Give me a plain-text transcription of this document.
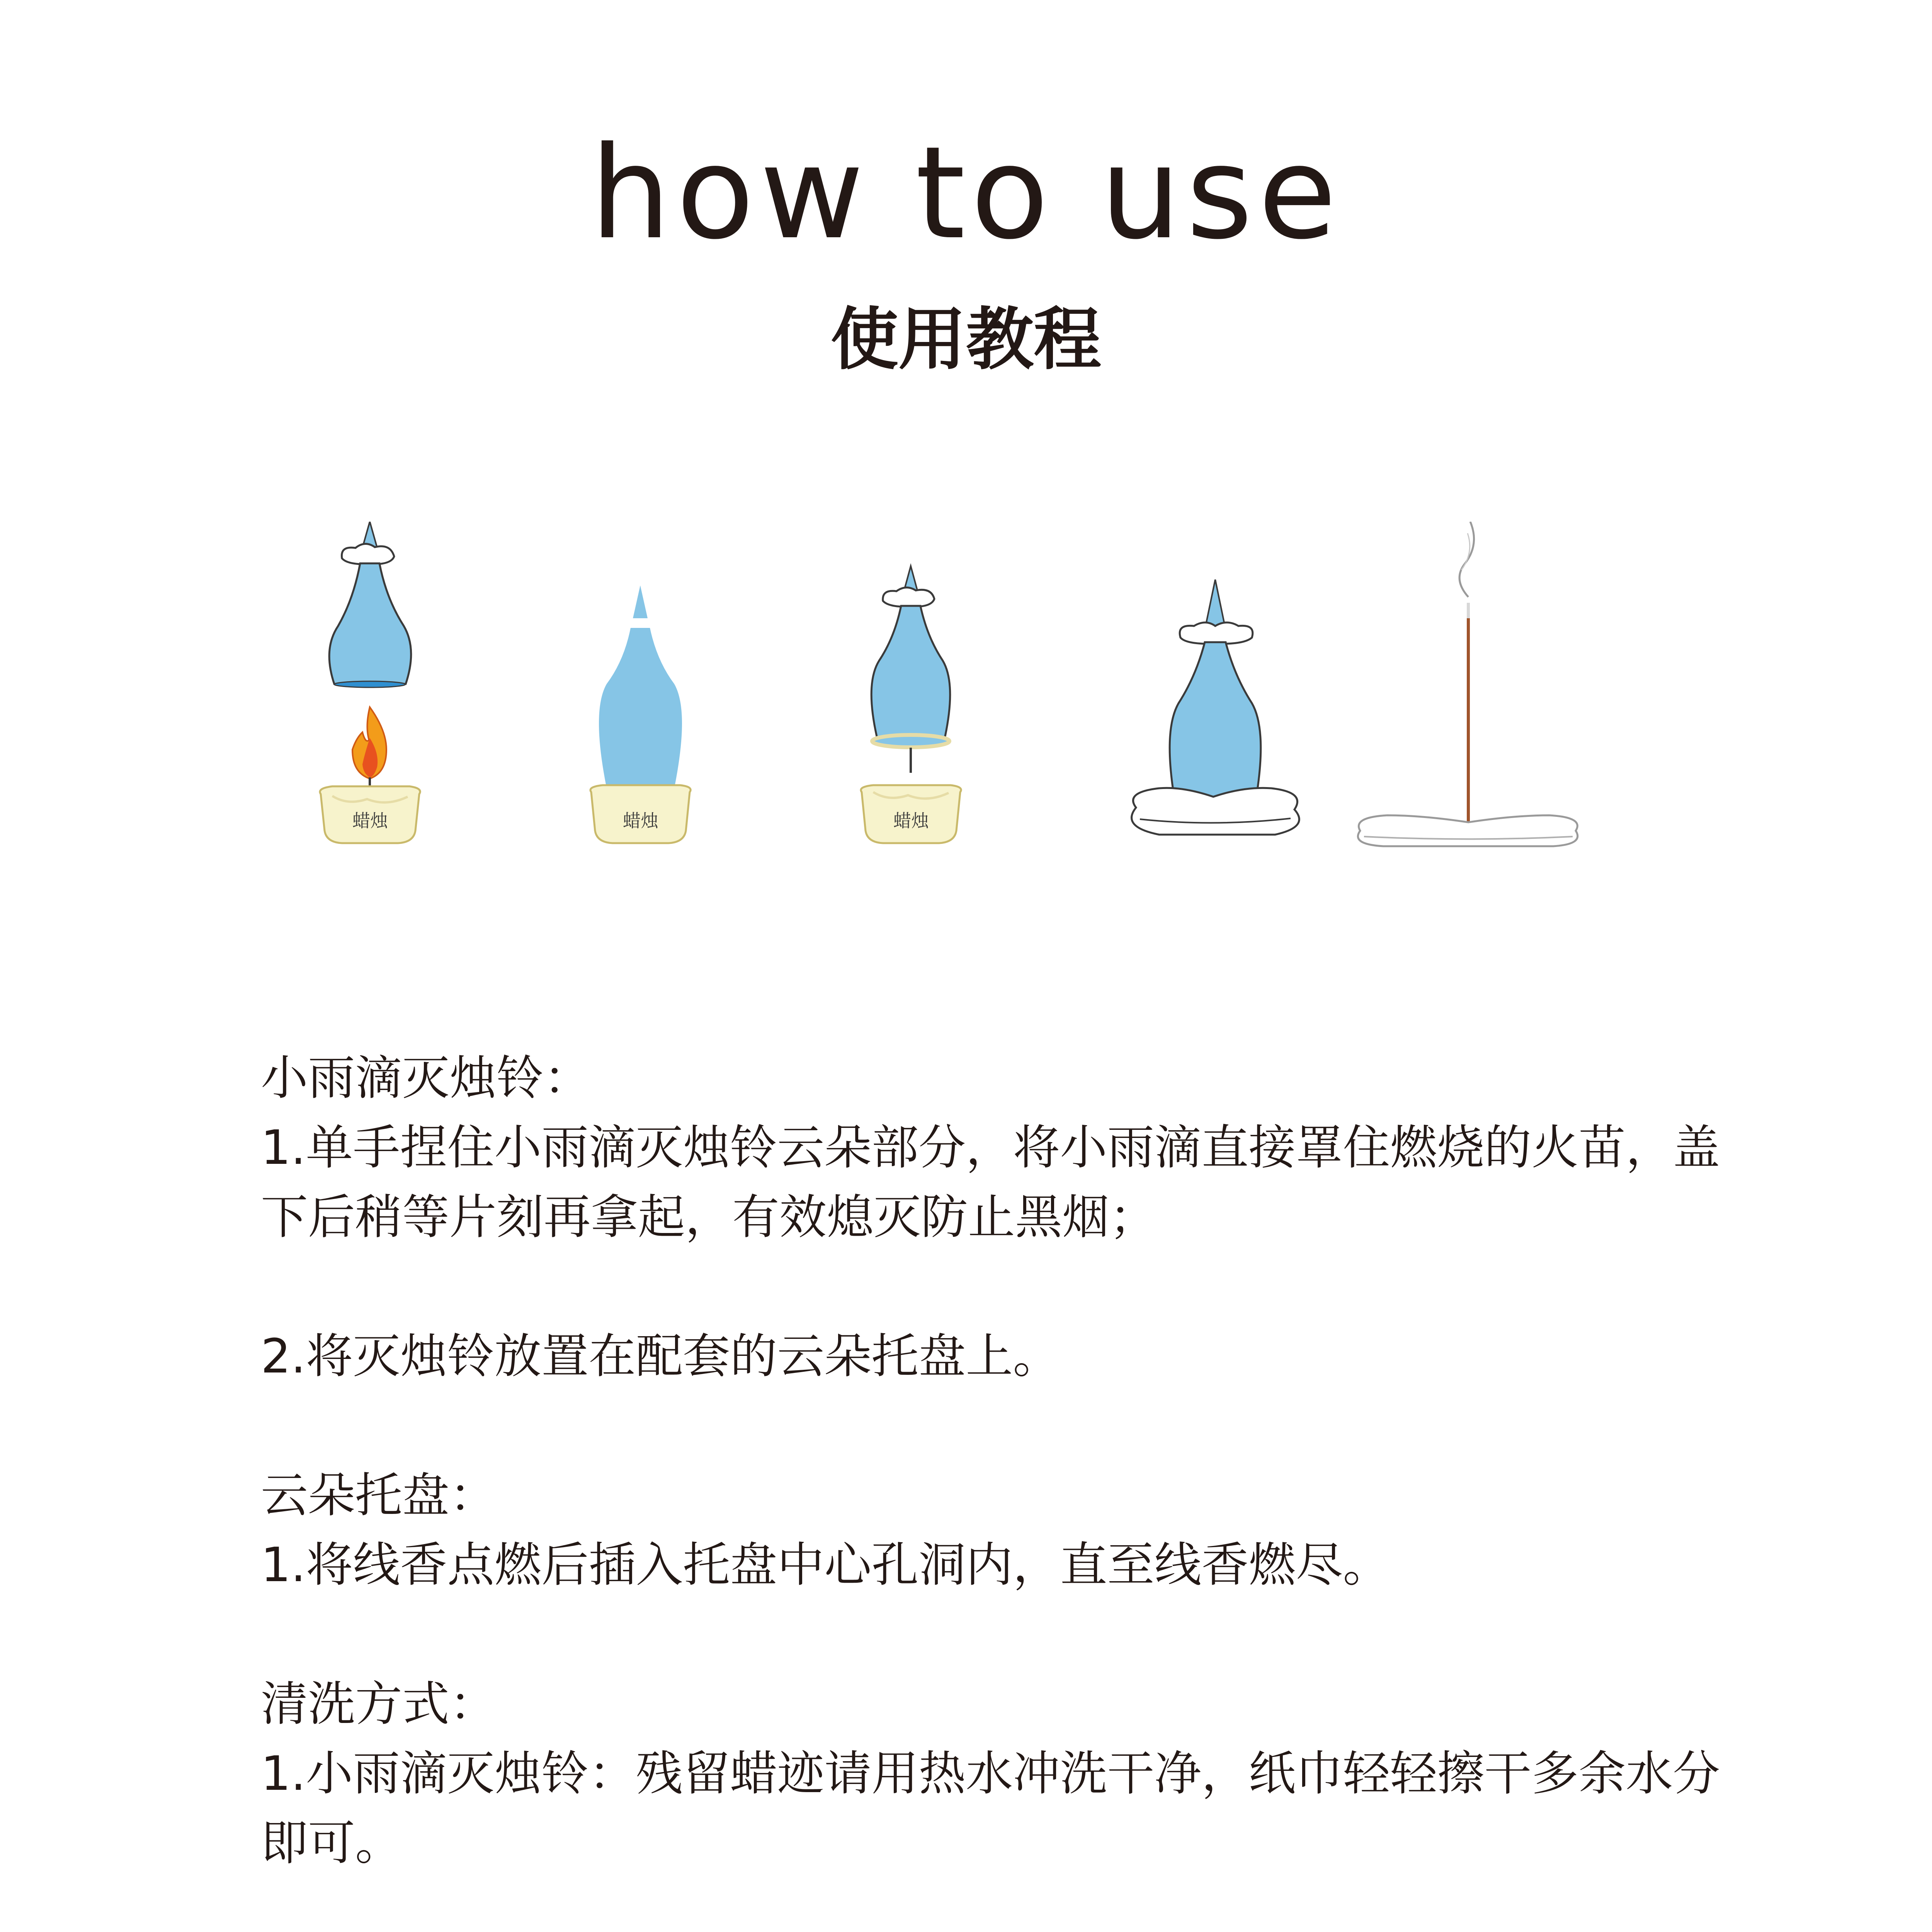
how to use
使用教程
蜡烛	蜡烛	蜡烛

小雨滴灭烛铃：

1.单手捏住小雨滴灭烛铃云朵部分，将小雨滴直接罩住燃烧的火苗，盖下后稍等片刻再拿起，有效熄灭防止黑烟；

2.将灭烛铃放置在配套的云朵托盘上。

云朵托盘：

1.将线香点燃后插入托盘中心孔洞内，直至线香燃尽。

清洗方式：

1.小雨滴灭烛铃：残留蜡迹请用热水冲洗干净，纸巾轻轻擦干多余水分即可。
